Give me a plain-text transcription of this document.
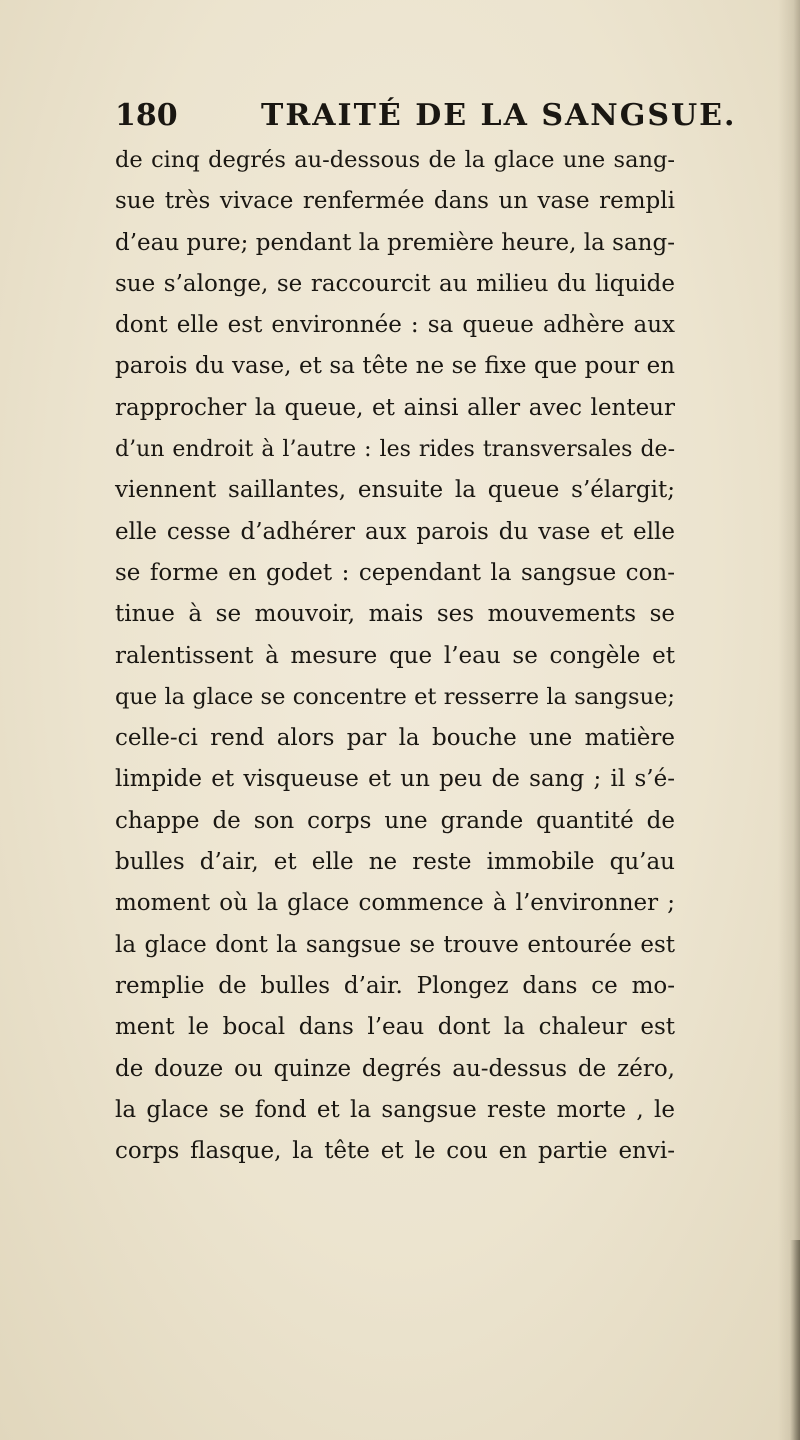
180	TRAITÉ DE LA SANGSUE.
de cinq degrés au-dessous de la glace une sang-
sue très vivace renfermée dans un vase rempli
d’eau pure; pendant la première heure, la sang-
sue s’alonge, se raccourcit au milieu du liquide
dont elle est environnée : sa queue adhère aux
parois du vase, et sa tête ne se fixe que pour en
rapprocher la queue, et ainsi aller avec lenteur
d’un endroit à l’autre : les rides transversales de-
viennent saillantes, ensuite la queue s’élargit;
elle cesse d’adhérer aux parois du vase et elle
se forme en godet : cependant la sangsue con-
tinue à se mouvoir, mais ses mouvements se
ralentissent à mesure que l’eau se congèle et
que la glace se concentre et resserre la sangsue;
celle-ci rend alors par la bouche une matière
limpide et visqueuse et un peu de sang ; il s’é-
chappe de son corps une grande quantité de
bulles d’air, et elle ne reste immobile qu’au
moment où la glace commence à l’environner ;
la glace dont la sangsue se trouve entourée est
remplie de bulles d’air. Plongez dans ce mo-
ment le bocal dans l’eau dont la chaleur est
de douze ou quinze degrés au-dessus de zéro,
la glace se fond et la sangsue reste morte , le
corps flasque, la tête et le cou en partie envi-
